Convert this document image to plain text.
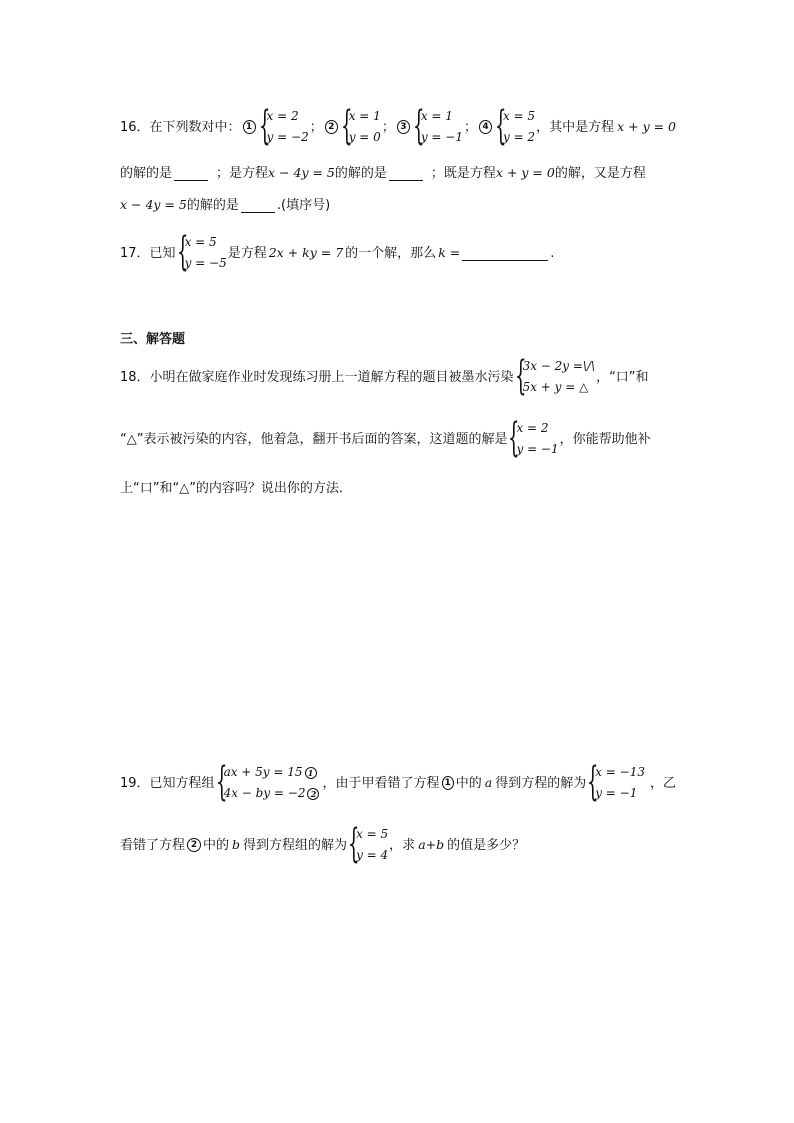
16． 在下列数对中： 1 {
x = 2
y = −2
； 2 {
x = 1
y = 0
； 3 {
x = 1
y = −1
； 4 {
x = 5
y = 2
，其中是方程 x + y = 0
的解的是	；是方程 x − 4y = 5 的解的是	；既是方程 x + y = 0 的解，又是方程
x − 4y = 5 的解的是	.(填序号)
17． 已知 {
x = 5
y = −5
是方程 2x + ky = 7 的一个解，那么 k =	.
三、解答题
18． 小明在做家庭作业时发现练习册上一道解方程的题目被墨水污染 {
3x − 2y =\/\
5x + y = △
，“口”和
“△”表示被污染的内容，他着急，翻开书后面的答案，这道题的解是 {
x = 2
y = −1
，你能帮助他补
上“口”和“△”的内容吗？说出你的方法．
19． 已知方程组 {
ax + 5y = 15 1
4x − by = −2 2
，由于甲看错了方程 1 中的 a 得到方程的解为 {
x = −13
y = −1
，乙
看错了方程 2 中的 b 得到方程组的解为 {
x = 5
y = 4
，求 a+b 的值是多少？
